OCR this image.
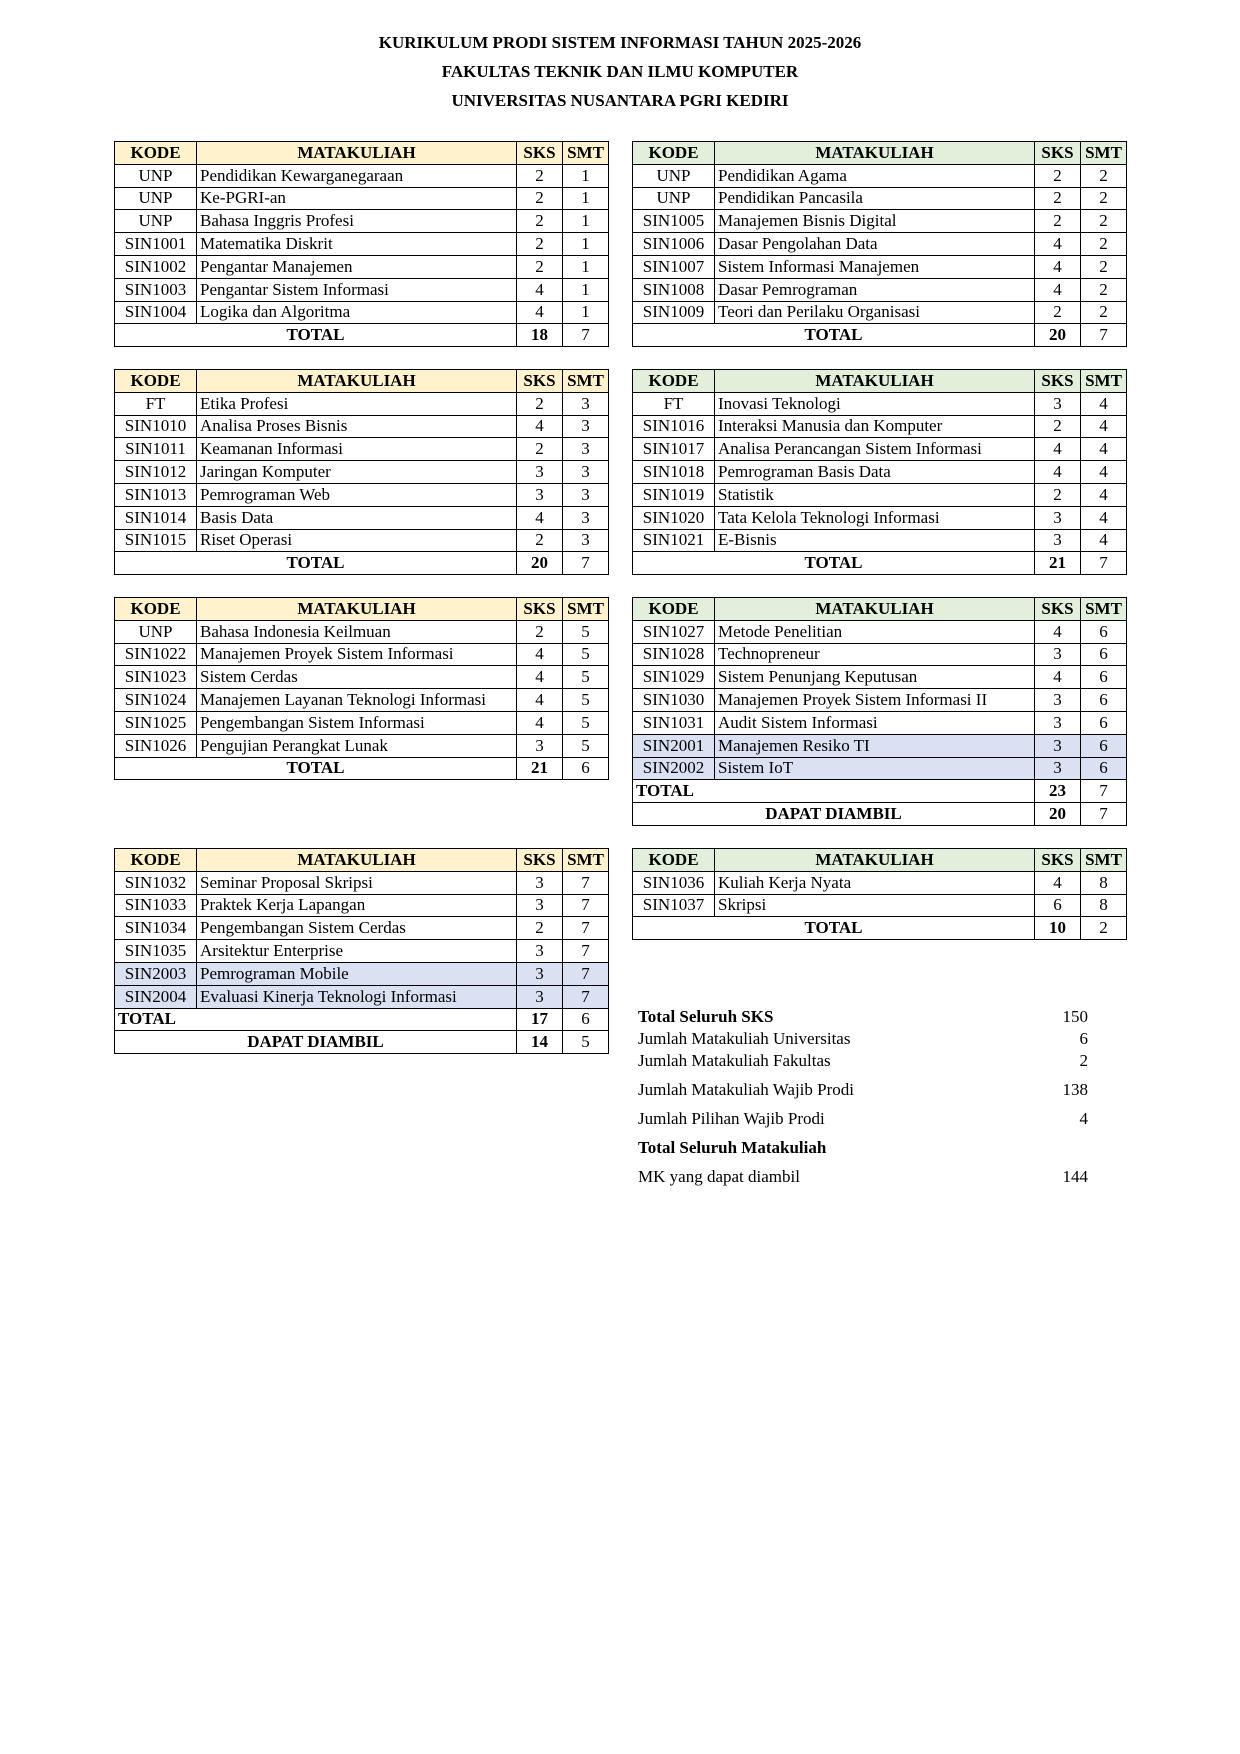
KURIKULUM PRODI SISTEM INFORMASI TAHUN 2025-2026
FAKULTAS TEKNIK DAN ILMU KOMPUTER
UNIVERSITAS NUSANTARA PGRI KEDIRI
KODE	MATAKULIAH	SKS	SMT
UNP	Pendidikan Kewarganegaraan	2	1
UNP	Ke-PGRI-an	2	1
UNP	Bahasa Inggris Profesi	2	1
SIN1001	Matematika Diskrit	2	1
SIN1002	Pengantar Manajemen	2	1
SIN1003	Pengantar Sistem Informasi	4	1
SIN1004	Logika dan Algoritma	4	1
TOTAL		18	7
KODE	MATAKULIAH	SKS	SMT
UNP	Pendidikan Agama	2	2
UNP	Pendidikan Pancasila	2	2
SIN1005	Manajemen Bisnis Digital	2	2
SIN1006	Dasar Pengolahan Data	4	2
SIN1007	Sistem Informasi Manajemen	4	2
SIN1008	Dasar Pemrograman	4	2
SIN1009	Teori dan Perilaku Organisasi	2	2
TOTAL		20	7
KODE	MATAKULIAH	SKS	SMT
FT	Etika Profesi	2	3
SIN1010	Analisa Proses Bisnis	4	3
SIN1011	Keamanan Informasi	2	3
SIN1012	Jaringan Komputer	3	3
SIN1013	Pemrograman Web	3	3
SIN1014	Basis Data	4	3
SIN1015	Riset Operasi	2	3
TOTAL		20	7
KODE	MATAKULIAH	SKS	SMT
FT	Inovasi Teknologi	3	4
SIN1016	Interaksi Manusia dan Komputer	2	4
SIN1017	Analisa Perancangan Sistem Informasi	4	4
SIN1018	Pemrograman Basis Data	4	4
SIN1019	Statistik	2	4
SIN1020	Tata Kelola Teknologi Informasi	3	4
SIN1021	E-Bisnis	3	4
TOTAL		21	7
KODE	MATAKULIAH	SKS	SMT
UNP	Bahasa Indonesia Keilmuan	2	5
SIN1022	Manajemen Proyek Sistem Informasi	4	5
SIN1023	Sistem Cerdas	4	5
SIN1024	Manajemen Layanan Teknologi Informasi	4	5
SIN1025	Pengembangan Sistem Informasi	4	5
SIN1026	Pengujian Perangkat Lunak	3	5
TOTAL		21	6
KODE	MATAKULIAH	SKS	SMT
SIN1027	Metode Penelitian	4	6
SIN1028	Technopreneur	3	6
SIN1029	Sistem Penunjang Keputusan	4	6
SIN1030	Manajemen Proyek Sistem Informasi II	3	6
SIN1031	Audit Sistem Informasi	3	6
SIN2001	Manajemen Resiko TI	3	6
SIN2002	Sistem IoT	3	6
TOTAL		23	7
DAPAT DIAMBIL		20	7
KODE	MATAKULIAH	SKS	SMT
SIN1032	Seminar Proposal Skripsi	3	7
SIN1033	Praktek Kerja Lapangan	3	7
SIN1034	Pengembangan Sistem Cerdas	2	7
SIN1035	Arsitektur Enterprise	3	7
SIN2003	Pemrograman Mobile	3	7
SIN2004	Evaluasi Kinerja Teknologi Informasi	3	7
TOTAL		17	6
DAPAT DIAMBIL		14	5
KODE	MATAKULIAH	SKS	SMT
SIN1036	Kuliah Kerja Nyata	4	8
SIN1037	Skripsi	6	8
TOTAL		10	2
Total Seluruh SKS	150
Jumlah Matakuliah Universitas	6
Jumlah Matakuliah Fakultas	2
Jumlah Matakuliah Wajib Prodi	138
Jumlah Pilihan Wajib Prodi	4
Total Seluruh Matakuliah
MK yang dapat diambil	144
